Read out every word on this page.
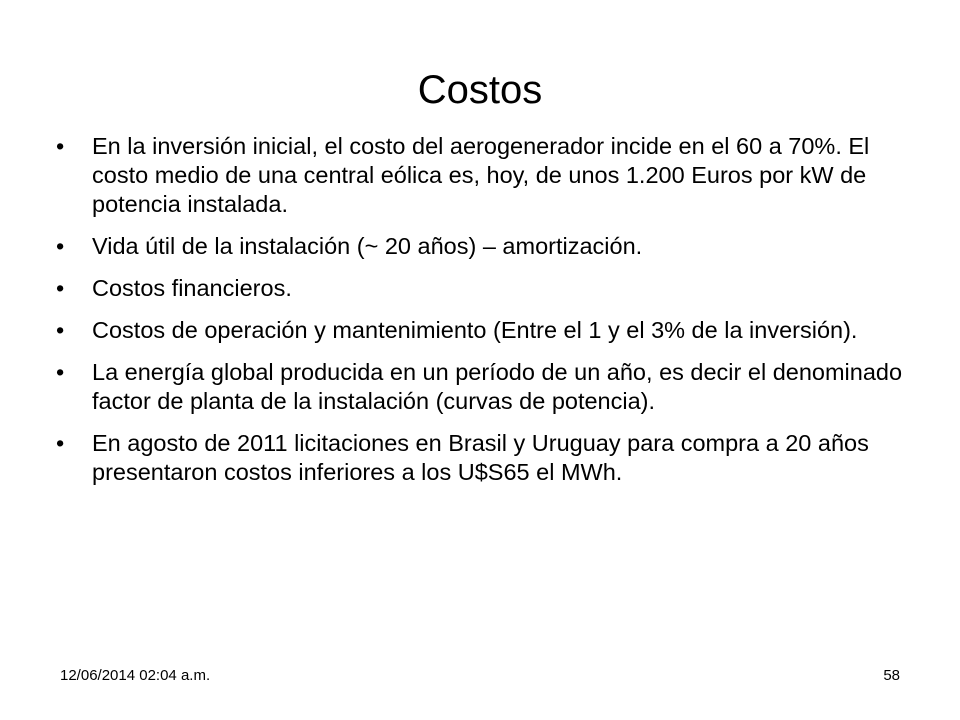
Costos
•	En la inversión inicial, el costo del aerogenerador incide en el 60 a 70%. El costo medio de una central eólica es, hoy, de unos 1.200 Euros por kW de potencia instalada.
•	Vida útil de la instalación (~ 20 años) – amortización.
•	Costos financieros.
•	Costos de operación y mantenimiento (Entre el 1 y el 3% de la inversión).
•	La energía global producida en un período de un año, es decir el denominado factor de planta de la instalación (curvas de potencia).
•	En agosto de 2011 licitaciones en Brasil y Uruguay para compra a 20 años presentaron costos inferiores a los U$S65 el MWh.
12/06/2014 02:04 a.m.	58
